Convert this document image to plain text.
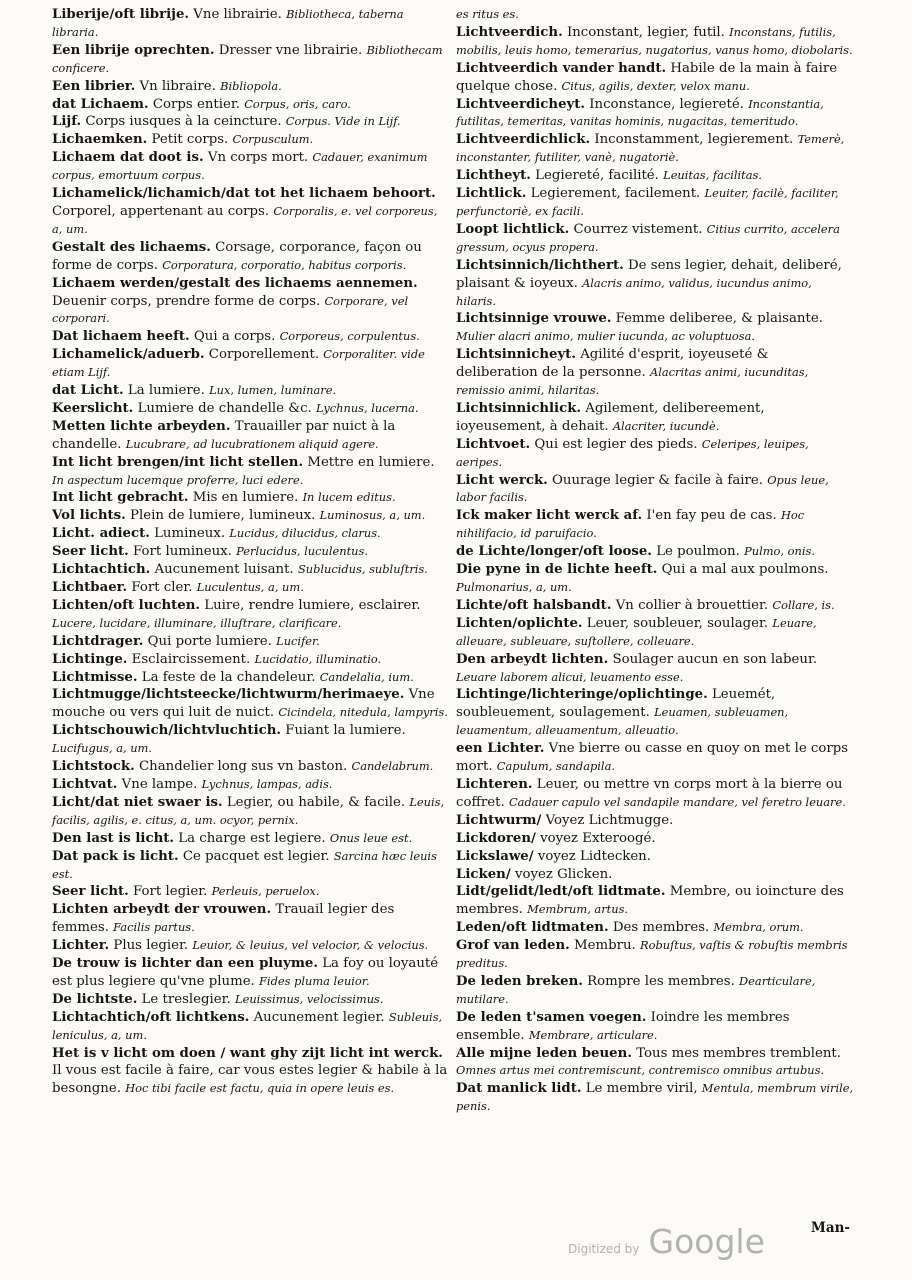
Liberije/oft librije. Vne librairie. Bibliotheca, taberna libraria.

Een librije oprechten. Dresser vne librairie. Bibliothecam conficere.

Een librier. Vn libraire. Bibliopola.

dat Lichaem. Corps entier. Corpus, oris, caro.

Lijf. Corps iusques à la ceincture. Corpus. Vide in Lijf.

Lichaemken. Petit corps. Corpusculum.

Lichaem dat doot is. Vn corps mort. Cadauer, exanimum corpus, emortuum corpus.

Lichamelick/lichamich/dat tot het lichaem behoort. Corporel, appertenant au corps. Corporalis, e. vel corporeus, a, um.

Gestalt des lichaems. Corsage, corporance, façon ou forme de corps. Corporatura, corporatio, habitus corporis.

Lichaem werden/gestalt des lichaems aennemen. Deuenir corps, prendre forme de corps. Corporare, vel corporari.

Dat lichaem heeft. Qui a corps. Corporeus, corpulentus.

Lichamelick/aduerb. Corporellement. Corporaliter. vide etiam Lijf.

dat Licht. La lumiere. Lux, lumen, luminare.

Keerslicht. Lumiere de chandelle &c. Lychnus, lucerna.

Metten lichte arbeyden. Trauailler par nuict à la chandelle. Lucubrare, ad lucubrationem aliquid agere.

Int licht brengen/int licht stellen. Mettre en lumiere. In aspectum lucemque proferre, luci edere.

Int licht gebracht. Mis en lumiere. In lucem editus.

Vol lichts. Plein de lumiere, lumineux. Luminosus, a, um.

Licht. adiect. Lumineux. Lucidus, dilucidus, clarus.

Seer licht. Fort lumineux. Perlucidus, luculentus.

Lichtachtich. Aucunement luisant. Sublucidus, subluſtris.

Lichtbaer. Fort cler. Luculentus, a, um.

Lichten/oft luchten. Luire, rendre lumiere, esclairer. Lucere, lucidare, illuminare, illuſtrare, clarificare.

Lichtdrager. Qui porte lumiere. Lucifer.

Lichtinge. Esclaircissement. Lucidatio, illuminatio.

Lichtmisse. La feste de la chandeleur. Candelalia, ium.

Lichtmugge/lichtsteecke/lichtwurm/herimaeye. Vne mouche ou vers qui luit de nuict. Cicindela, nitedula, lampyris.

Lichtschouwich/lichtvluchtich. Fuiant la lumiere. Lucifugus, a, um.

Lichtstock. Chandelier long sus vn baston. Candelabrum.

Lichtvat. Vne lampe. Lychnus, lampas, adis.

Licht/dat niet swaer is. Legier, ou habile, & facile. Leuis, facilis, agilis, e. citus, a, um. ocyor, pernix.

Den last is licht. La charge est legiere. Onus leue est.

Dat pack is licht. Ce pacquet est legier. Sarcina hæc leuis est.

Seer licht. Fort legier. Perleuis, peruelox.

Lichten arbeydt der vrouwen. Trauail legier des femmes. Facilis partus.

Lichter. Plus legier. Leuior, & leuius, vel velocior, & velocius.

De trouw is lichter dan een pluyme. La foy ou loyauté est plus legiere qu'vne plume. Fides pluma leuior.

De lichtste. Le treslegier. Leuissimus, velocissimus.

Lichtachtich/oft lichtkens. Aucunement legier. Subleuis, leniculus, a, um.

Het is v licht om doen / want ghy zijt licht int werck. Il vous est facile à faire, car vous estes legier & habile à la besongne. Hoc tibi facile est factu, quia in opere leuis es.

es ritus es.

Lichtveerdich. Inconstant, legier, futil. Inconstans, futilis, mobilis, leuis homo, temerarius, nugatorius, vanus homo, diobolaris.

Lichtveerdich vander handt. Habile de la main à faire quelque chose. Citus, agilis, dexter, velox manu.

Lichtveerdicheyt. Inconstance, legiereté. Inconstantia, futilitas, temeritas, vanitas hominis, nugacitas, temeritudo.

Lichtveerdichlick. Inconstamment, legierement. Temerè, inconstanter, futiliter, vanè, nugatoriè.

Lichtheyt. Legiereté, facilité. Leuitas, facilitas.

Lichtlick. Legierement, facilement. Leuiter, facilè, faciliter, perfunctoriè, ex facili.

Loopt lichtlick. Courrez vistement. Citius currito, accelera gressum, ocyus propera.

Lichtsinnich/lichthert. De sens legier, dehait, deliberé, plaisant & ioyeux. Alacris animo, validus, iucundus animo, hilaris.

Lichtsinnige vrouwe. Femme deliberee, & plaisante. Mulier alacri animo, mulier iucunda, ac voluptuosa.

Lichtsinnicheyt. Agilité d'esprit, ioyeuseté & deliberation de la personne. Alacritas animi, iucunditas, remissio animi, hilaritas.

Lichtsinnichlick. Agilement, delibereement, ioyeusement, à dehait. Alacriter, iucundè.

Lichtvoet. Qui est legier des pieds. Celeripes, leuipes, aeripes.

Licht werck. Ouurage legier & facile à faire. Opus leue, labor facilis.

Ick maker licht werck af. I'en fay peu de cas. Hoc nihilifacio, id paruifacio.

de Lichte/longer/oft loose. Le poulmon. Pulmo, onis.

Die pyne in de lichte heeft. Qui a mal aux poulmons. Pulmonarius, a, um.

Lichte/oft halsbandt. Vn collier à brouettier. Collare, is.

Lichten/oplichte. Leuer, soubleuer, soulager. Leuare, alleuare, subleuare, suſtollere, colleuare.

Den arbeydt lichten. Soulager aucun en son labeur. Leuare laborem alicui, leuamento esse.

Lichtinge/lichteringe/oplichtinge. Leuemét, soubleuement, soulagement. Leuamen, subleuamen, leuamentum, alleuamentum, alleuatio.

een Lichter. Vne bierre ou casse en quoy on met le corps mort. Capulum, sandapila.

Lichteren. Leuer, ou mettre vn corps mort à la bierre ou coffret. Cadauer capulo vel sandapile mandare, vel feretro leuare.

Lichtwurm/ Voyez Lichtmugge.

Lickdoren/ voyez Exteroogé.

Lickslawe/ voyez Lidtecken.

Licken/ voyez Glicken.

Lidt/gelidt/ledt/oft lidtmate. Membre, ou ioincture des membres. Membrum, artus.

Leden/oft lidtmaten. Des membres. Membra, orum.

Grof van leden. Membru. Robuſtus, vaſtis & robuſtis membris preditus.

De leden breken. Rompre les membres. Dearticulare, mutilare.

De leden t'samen voegen. Ioindre les membres ensemble. Membrare, articulare.

Alle mijne leden beuen. Tous mes membres tremblent. Omnes artus mei contremiscunt, contremisco omnibus artubus.

Dat manlick lidt. Le membre viril, Mentula, membrum virile, penis.

Man-
Digitized by Google
